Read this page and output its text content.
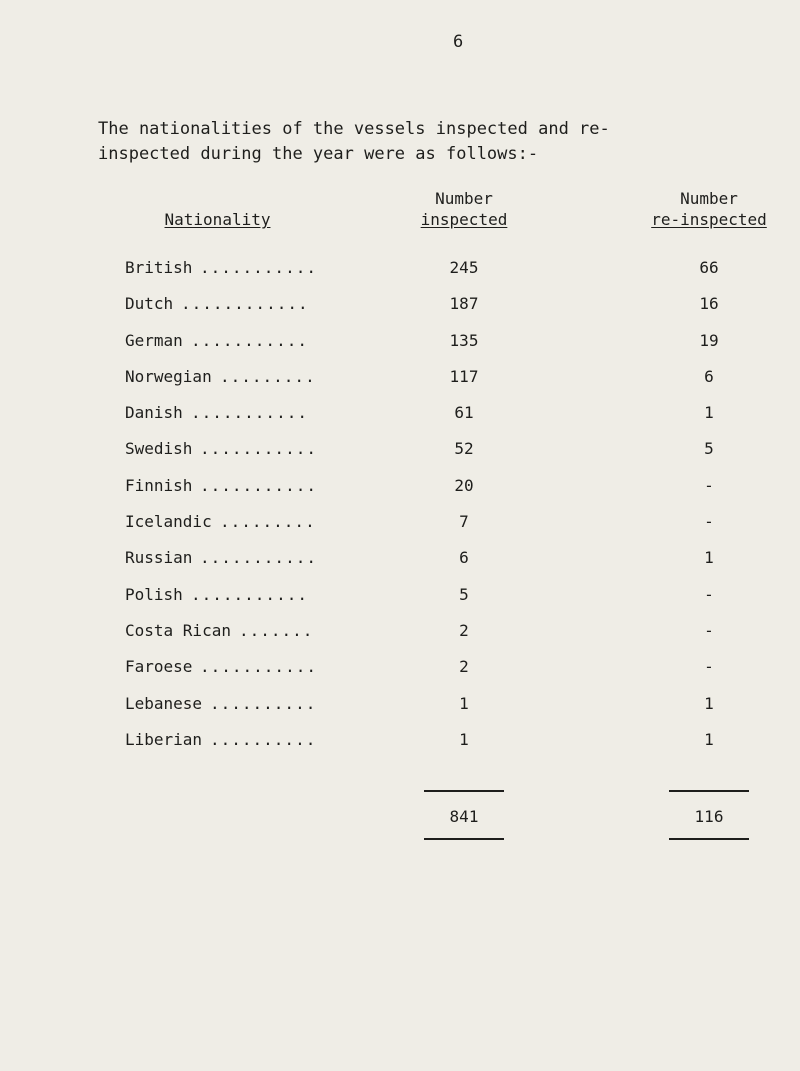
6
The nationalities of the vessels inspected and re-
inspected during the year were as follows:-
Nationality
Number
inspected
Number
re-inspected
...........
British	245	66
............
Dutch	187	16
...........
German	135	19
.........
Norwegian	117	6
...........
Danish	61	1
...........
Swedish	52	5
...........
Finnish	20	-
.........
Icelandic	7	-
...........
Russian	6	1
...........
Polish	5	-
.......
Costa Rican	2	-
...........
Faroese	2	-
..........
Lebanese	1	1
..........
Liberian	1	1
841	116
